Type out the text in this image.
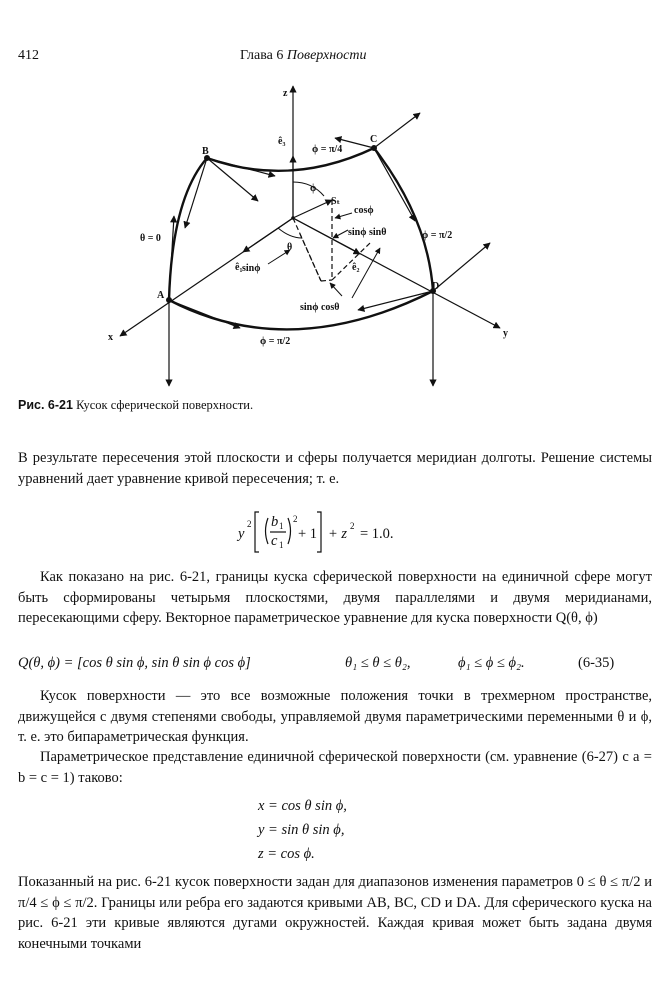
412	Глава 6 Поверхности
z
x	y
A
B
C
D
ê₃
ê₁	ê₂
ϕ
θ
Sₜ
ϕ = π/4
ϕ = π/2
ϕ = π/2
θ = 0
cosϕ
sinϕ sinθ
sinϕ
sinϕ cosθ
Рис. 6-21 Кусок сферической поверхности.

В результате пересечения этой плоскости и сферы получается меридиан долготы. Решение системы уравнений дает уравнение кривой пересечения; т. е.

y
2 b 1
c 1
2
+ 1 + z 2 = 1.0.

Как показано на рис. 6-21, границы куска сферической поверхности на единичной сфере могут быть сформированы четырьмя плоскостями, двумя параллелями и двумя меридианами, пересекающими сферу. Векторное параметрическое уравнение для куска поверхности Q(θ, ϕ)

Q(θ, ϕ) = [cos θ sin ϕ, sin θ sin ϕ cos ϕ]	θ₁ ≤ θ ≤ θ₂,	ϕ₁ ≤ ϕ ≤ ϕ₂.	(6-35)

Кусок поверхности — это все возможные положения точки в трехмерном пространстве, движущейся с двумя степенями свободы, управляемой двумя параметрическими переменными θ и ϕ, т. е. это бипараметрическая функция.

Параметрическое представление единичной сферической поверхности (см. уравнение (6-27) с a = b = c = 1) таково:

x = cos θ sin ϕ,
y = sin θ sin ϕ,
z = cos ϕ.

Показанный на рис. 6-21 кусок поверхности задан для диапазонов изменения параметров 0 ≤ θ ≤ π/2 и π/4 ≤ ϕ ≤ π/2. Границы или ребра его задаются кривыми AB, BC, CD и DA. Для сферического куска на рис. 6-21 эти кривые являются дугами окружностей. Каждая кривая может быть задана двумя конечными точками
